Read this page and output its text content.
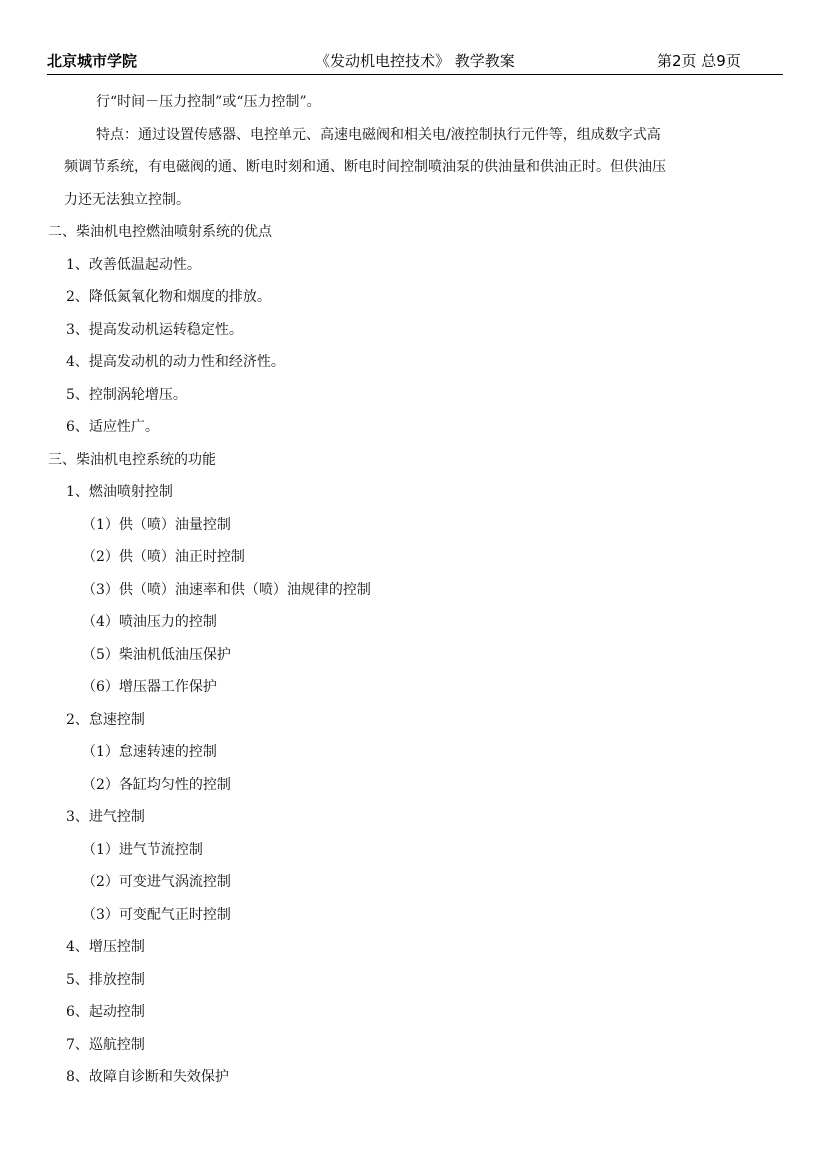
北京城市学院	《发动机电控技术》 教学教案	第2页 总9页
行“时间－压力控制”或“压力控制”。
特点：通过设置传感器、电控单元、高速电磁阀和相关电/液控制执行元件等，组成数字式高
频调节系统，有电磁阀的通、断电时刻和通、断电时间控制喷油泵的供油量和供油正时。但供油压
力还无法独立控制。
二、柴油机电控燃油喷射系统的优点
1、改善低温起动性。
2、降低氮氧化物和烟度的排放。
3、提高发动机运转稳定性。
4、提高发动机的动力性和经济性。
5、控制涡轮增压。
6、适应性广。
三、柴油机电控系统的功能
1、燃油喷射控制
（1）供（喷）油量控制
（2）供（喷）油正时控制
（3）供（喷）油速率和供（喷）油规律的控制
（4）喷油压力的控制
（5）柴油机低油压保护
（6）增压器工作保护
2、怠速控制
（1）怠速转速的控制
（2）各缸均匀性的控制
3、进气控制
（1）进气节流控制
（2）可变进气涡流控制
（3）可变配气正时控制
4、增压控制
5、排放控制
6、起动控制
7、巡航控制
8、故障自诊断和失效保护
